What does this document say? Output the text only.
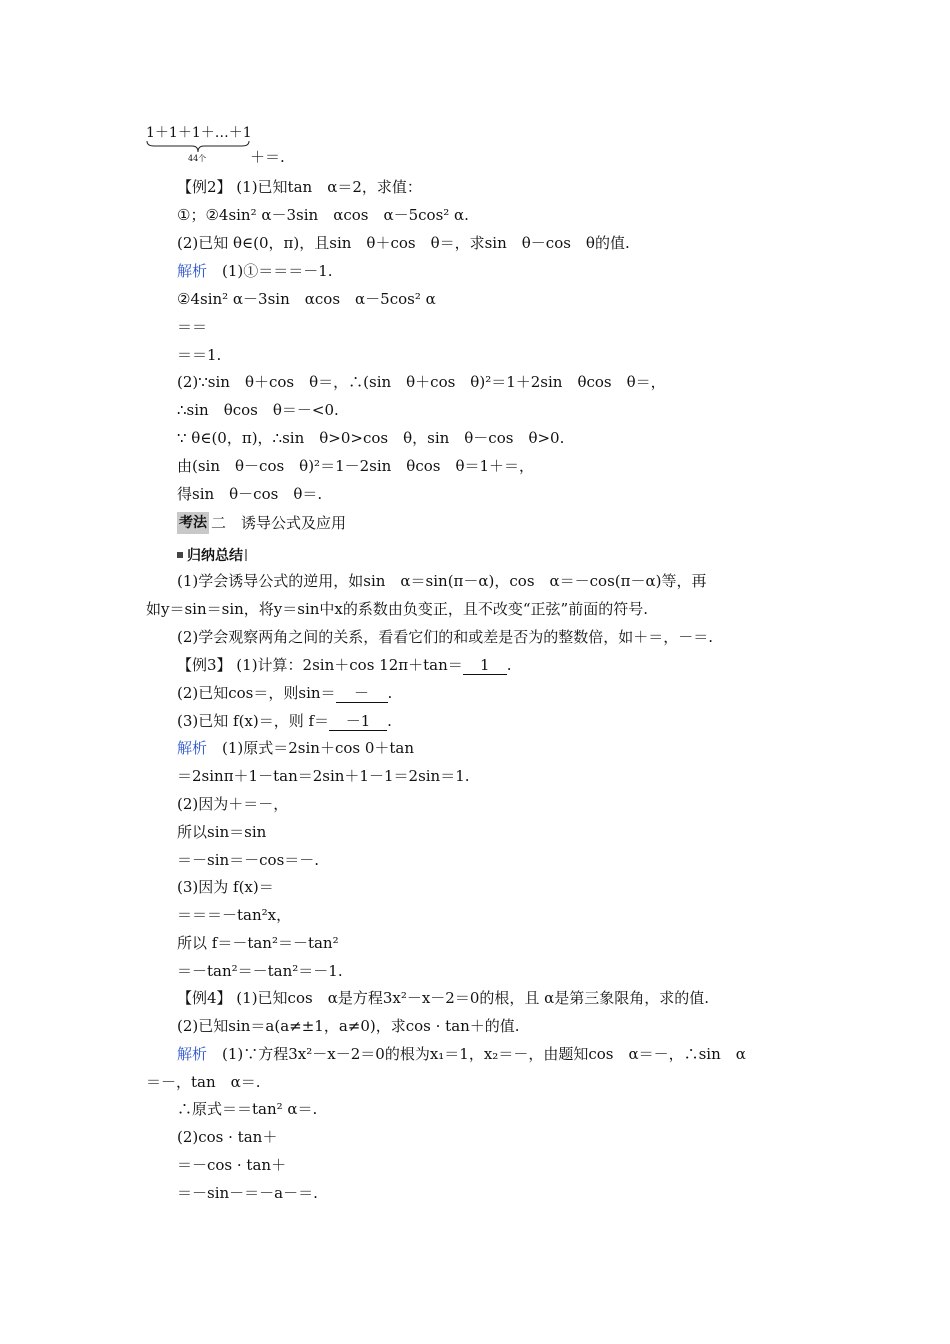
1＋1＋1＋…＋1
44个	＋＝.
【例2】 (1)已知tan　α＝2，求值：
①；②4sin² α－3sin　αcos　α－5cos² α.
(2)已知 θ∈(0，π)，且sin　θ＋cos　θ＝，求sin　θ－cos　θ的值.
解析　(1)①＝＝＝－1.
②4sin² α－3sin　αcos　α－5cos² α
＝＝
＝＝1.
(2)∵sin　θ＋cos　θ＝，∴(sin　θ＋cos　θ)²＝1＋2sin　θcos　θ＝，
∴sin　θcos　θ＝－<0.
∵ θ∈(0，π)，∴sin　θ>0>cos　θ，sin　θ－cos　θ>0.
由(sin　θ－cos　θ)²＝1－2sin　θcos　θ＝1＋＝，
得sin　θ－cos　θ＝.
考法 二　诱导公式及应用
归纳总结
(1)学会诱导公式的逆用，如sin　α＝sin(π－α)，cos　α＝－cos(π－α)等，再
如y＝sin＝sin，将y＝sin中x的系数由负变正，且不改变“正弦”前面的符号.
(2)学会观察两角之间的关系，看看它们的和或差是否为的整数倍，如＋＝，－＝.
【例3】 (1)计算：2sin＋cos 12π＋tan＝ 1 .
(2)已知cos＝，则sin＝ － .
(3)已知 f(x)＝，则 f＝ －1 .
解析　(1)原式＝2sin＋cos 0＋tan
＝2sinπ＋1－tan＝2sin＋1－1＝2sin＝1.
(2)因为＋＝－，
所以sin＝sin
＝－sin＝－cos＝－.
(3)因为 f(x)＝
＝＝＝－tan²x，
所以 f＝－tan²＝－tan²
＝－tan²＝－tan²＝－1.
【例4】 (1)已知cos　α是方程3x²－x－2＝0的根，且 α是第三象限角，求的值.
(2)已知sin＝a(a≠±1，a≠0)，求cos · tan＋的值.
解析　(1)∵方程3x²－x－2＝0的根为x₁＝1，x₂＝－，由题知cos　α＝－，∴sin　α
＝－，tan　α＝.
∴原式＝＝tan² α＝.
(2)cos · tan＋
＝－cos · tan＋
＝－sin－＝－a－＝.
